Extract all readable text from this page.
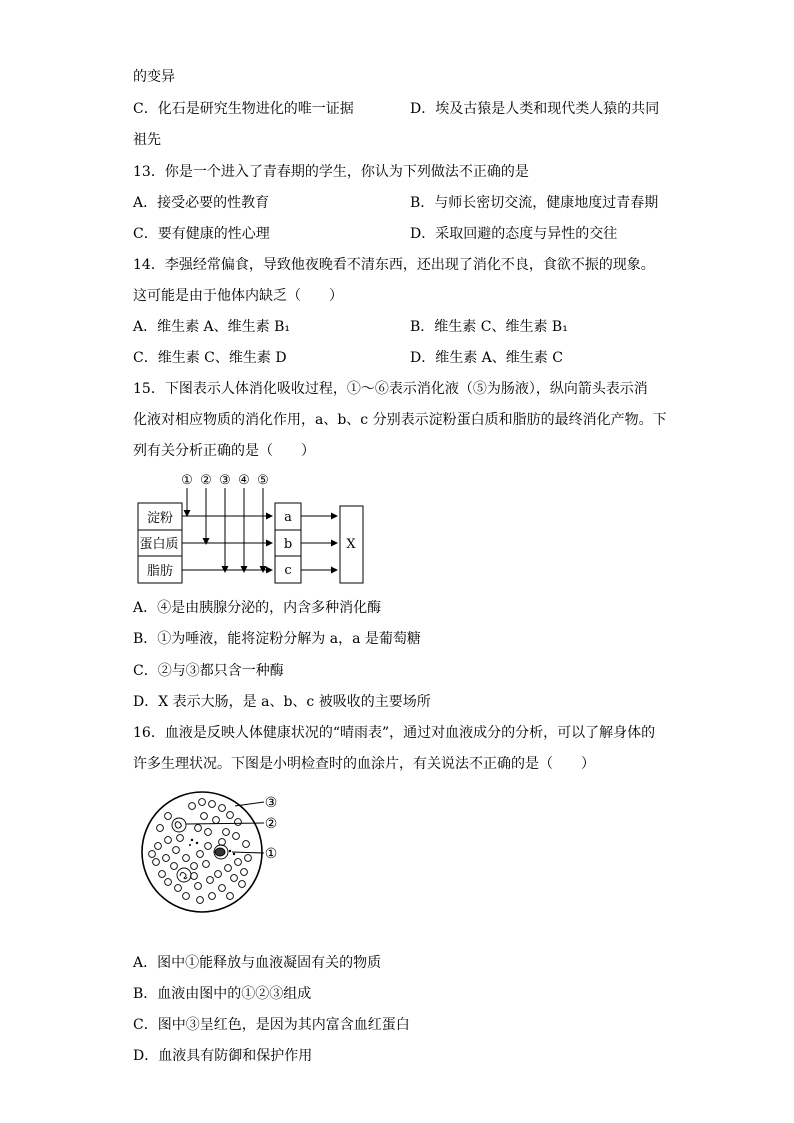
的变异
C．化石是研究生物进化的唯一证据	D．埃及古猿是人类和现代类人猿的共同
祖先
13．你是一个进入了青春期的学生，你认为下列做法不正确的是
A．接受必要的性教育	B．与师长密切交流，健康地度过青春期
C．要有健康的性心理	D．采取回避的态度与异性的交往
14．李强经常偏食，导致他夜晚看不清东西，还出现了消化不良，食欲不振的现象。
这可能是由于他体内缺乏（　　）
A．维生素 A、维生素 B₁	B．维生素 C、维生素 B₁
C．维生素 C、维生素 D	D．维生素 A、维生素 C
15．下图表示人体消化吸收过程，①～⑥表示消化液（⑤为肠液），纵向箭头表示消
化液对相应物质的消化作用，a、b、c 分别表示淀粉蛋白质和脂肪的最终消化产物。下
列有关分析正确的是（　　）
① ② ③ ④ ⑤
淀粉
蛋白质
脂肪
a
b
c
X
A．④是由胰腺分泌的，内含多种消化酶
B．①为唾液，能将淀粉分解为 a，a 是葡萄糖
C．②与③都只含一种酶
D．X 表示大肠，是 a、b、c 被吸收的主要场所
16．血液是反映人体健康状况的“晴雨表”，通过对血液成分的分析，可以了解身体的
许多生理状况。下图是小明检查时的血涂片，有关说法不正确的是（　　）
③
②
①
A．图中①能释放与血液凝固有关的物质
B．血液由图中的①②③组成
C．图中③呈红色，是因为其内富含血红蛋白
D．血液具有防御和保护作用
